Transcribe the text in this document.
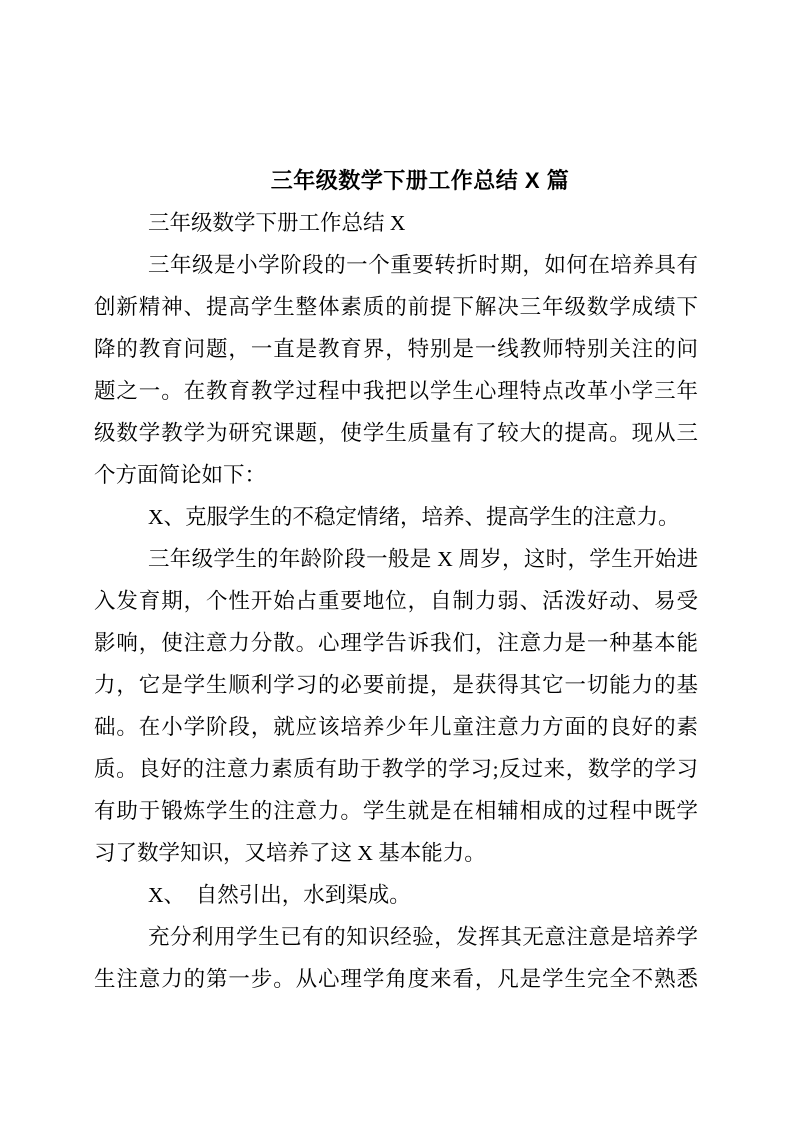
三年级数学下册工作总结 X 篇
三年级数学下册工作总结 X
三年级是小学阶段的一个重要转折时期，如何在培养具有
创新精神、提高学生整体素质的前提下解决三年级数学成绩下
降的教育问题，一直是教育界，特别是一线教师特别关注的问
题之一。在教育教学过程中我把以学生心理特点改革小学三年
级数学教学为研究课题，使学生质量有了较大的提高。现从三
个方面简论如下：
X、克服学生的不稳定情绪，培养、提高学生的注意力。
三年级学生的年龄阶段一般是 X 周岁，这时，学生开始进
入发育期，个性开始占重要地位，自制力弱、活泼好动、易受
影响，使注意力分散。心理学告诉我们，注意力是一种基本能
力，它是学生顺利学习的必要前提，是获得其它一切能力的基
础。在小学阶段，就应该培养少年儿童注意力方面的良好的素
质。良好的注意力素质有助于教学的学习;反过来，数学的学习
有助于锻炼学生的注意力。学生就是在相辅相成的过程中既学
习了数学知识，又培养了这 X 基本能力。
X、　自然引出，水到渠成。
充分利用学生已有的知识经验，发挥其无意注意是培养学
生注意力的第一步。从心理学角度来看，凡是学生完全不熟悉
